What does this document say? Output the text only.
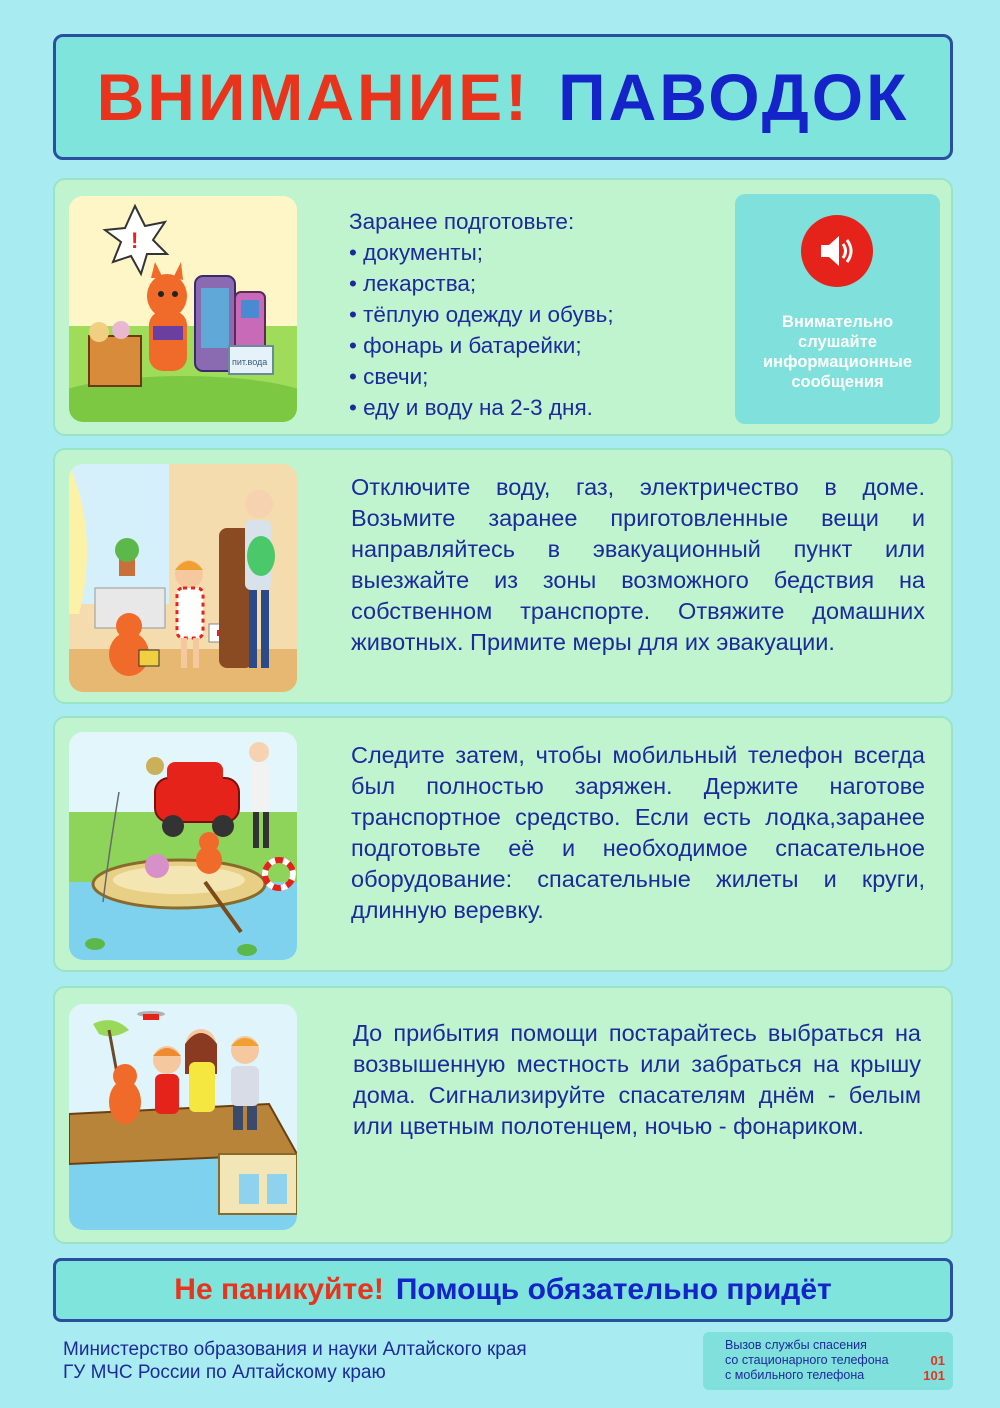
ВНИМАНИЕ! ПАВОДОК
!
пит.вода
Заранее подготовьте:
• документы;
• лекарства;
• тёплую одежду и обувь;
• фонарь и батарейки;
• свечи;
• еду и воду на 2-3 дня.
Внимательно слушайте информационные сообщения
Отключите воду, газ, электричество в доме. Возьмите заранее приготовленные вещи и направляйтесь в эвакуационный пункт или выезжайте из зоны возможного бедствия на собственном транспорте. Отвяжите домашних животных. Примите меры для их эвакуации.
Следите затем, чтобы мобильный телефон всегда был полностью заряжен. Держите наготове транспортное средство. Если есть лодка,заранее подготовьте её и необходимое спасательное оборудование: спасательные жилеты и круги, длинную веревку.
До прибытия помощи постарайтесь выбраться на возвышенную местность или забраться на крышу дома. Сигнализируйте спасателям днём - белым или цветным полотенцем, ночью - фонариком.
Не паникуйте! Помощь обязательно придёт
Министерство образования и науки Алтайского края
ГУ МЧС России по Алтайскому краю
Вызов службы спасения
со стационарного телефона	01
с мобильного телефона	101
